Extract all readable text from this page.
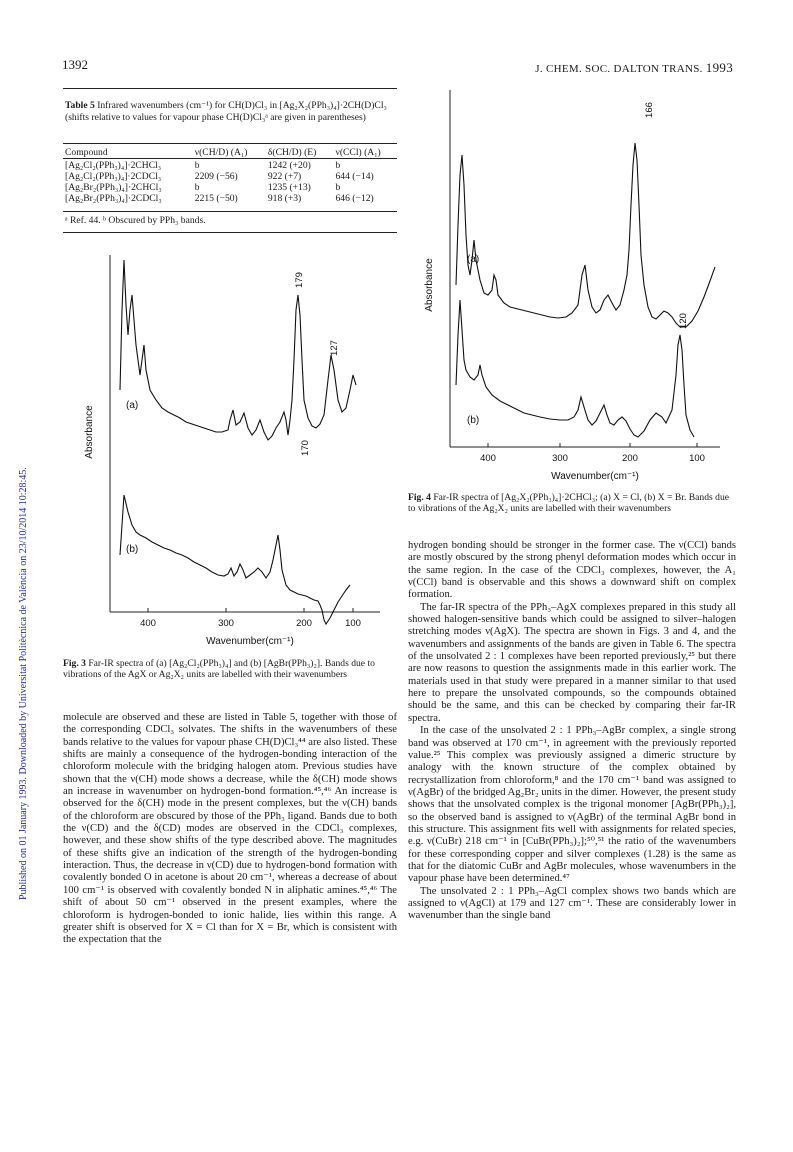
1392	J. CHEM. SOC. DALTON TRANS. 1993
Published on 01 January 1993. Downloaded by Universitat Politècnica de València on 23/10/2014 10:28:45.
Table 5 Infrared wavenumbers (cm⁻¹) for CH(D)Cl₃ in [Ag₂X₂(PPh₃)₄]·2CH(D)Cl₃ (shifts relative to values for vapour phase CH(D)Cl₃ᵃ are given in parentheses)
Compound	ν(CH/D) (A₁)	δ(CH/D) (E)	ν(CCl) (A₁)

[Ag₂Cl₂(PPh₃)₄]·2CHCl₃	b	1242 (+20)	b
[Ag₂Cl₂(PPh₃)₄]·2CDCl₃	2209 (−56)	922 (+7)	644 (−14)
[Ag₂Br₂(PPh₃)₄]·2CHCl₃	b	1235 (+13)	b
[Ag₂Br₂(PPh₃)₄]·2CDCl₃	2215 (−50)	918 (+3)	646 (−12)
ᵃ Ref. 44. ᵇ Obscured by PPh₃ bands.
Absorbance	(a)
(b)
179
127
170
400	300	200	100
Wavenumber(cm⁻¹)
Fig. 3 Far-IR spectra of (a) [Ag₂Cl₂(PPh₃)₄] and (b) [AgBr(PPh₃)₂]. Bands due to vibrations of the AgX or Ag₂X₂ units are labelled with their wavenumbers
Absorbance	(a)
(b)
166
120
400	300	200	100
Wavenumber(cm⁻¹)
Fig. 4 Far-IR spectra of [Ag₂X₂(PPh₃)₄]·2CHCl₃; (a) X = Cl, (b) X = Br. Bands due to vibrations of the Ag₂X₂ units are labelled with their wavenumbers

molecule are observed and these are listed in Table 5, together with those of the corresponding CDCl₃ solvates. The shifts in the wavenumbers of these bands relative to the values for vapour phase CH(D)Cl₃⁴⁴ are also listed. These shifts are mainly a consequence of the hydrogen-bonding interaction of the chloroform molecule with the bridging halogen atom. Previous studies have shown that the ν(CH) mode shows a decrease, while the δ(CH) mode shows an increase in wavenumber on hydrogen-bond formation.⁴⁵,⁴⁶ An increase is observed for the δ(CH) mode in the present complexes, but the ν(CH) bands of the chloroform are obscured by those of the PPh₃ ligand. Bands due to both the ν(CD) and the δ(CD) modes are observed in the CDCl₃ complexes, however, and these show shifts of the type described above. The magnitudes of these shifts give an indication of the strength of the hydrogen-bonding interaction. Thus, the decrease in ν(CD) due to hydrogen-bond formation with covalently bonded O in acetone is about 20 cm⁻¹, whereas a decrease of about 100 cm⁻¹ is observed with covalently bonded N in aliphatic amines.⁴⁵,⁴⁶ The shift of about 50 cm⁻¹ observed in the present examples, where the chloroform is hydrogen-bonded to ionic halide, lies within this range. A greater shift is observed for X = Cl than for X = Br, which is consistent with the expectation that the

hydrogen bonding should be stronger in the former case. The ν(CCl) bands are mostly obscured by the strong phenyl deformation modes which occur in the same region. In the case of the CDCl₃ complexes, however, the A₁ ν(CCl) band is observable and this shows a downward shift on complex formation.

The far-IR spectra of the PPh₃–AgX complexes prepared in this study all showed halogen-sensitive bands which could be assigned to silver–halogen stretching modes ν(AgX). The spectra are shown in Figs. 3 and 4, and the wavenumbers and assignments of the bands are given in Table 6. The spectra of the unsolvated 2 : 1 complexes have been reported previously,²⁵ but there are now reasons to question the assignments made in this earlier work. The materials used in that study were prepared in a manner similar to that used here to prepare the unsolvated compounds, so the compounds obtained should be the same, and this can be checked by comparing their far-IR spectra.

In the case of the unsolvated 2 : 1 PPh₃–AgBr complex, a single strong band was observed at 170 cm⁻¹, in agreement with the previously reported value.²⁵ This complex was previously assigned a dimeric structure by analogy with the known structure of the complex obtained by recrystallization from chloroform,⁸ and the 170 cm⁻¹ band was assigned to ν(AgBr) of the bridged Ag₂Br₂ units in the dimer. However, the present study shows that the unsolvated complex is the trigonal monomer [AgBr(PPh₃)₂], so the observed band is assigned to ν(AgBr) of the terminal AgBr bond in this structure. This assignment fits well with assignments for related species, e.g. ν(CuBr) 218 cm⁻¹ in [CuBr(PPh₃)₂];⁵⁰,⁵¹ the ratio of the wavenumbers for these corresponding copper and silver complexes (1.28) is the same as that for the diatomic CuBr and AgBr molecules, whose wavenumbers in the vapour phase have been determined.⁴⁷

The unsolvated 2 : 1 PPh₃–AgCl complex shows two bands which are assigned to ν(AgCl) at 179 and 127 cm⁻¹. These are considerably lower in wavenumber than the single band
